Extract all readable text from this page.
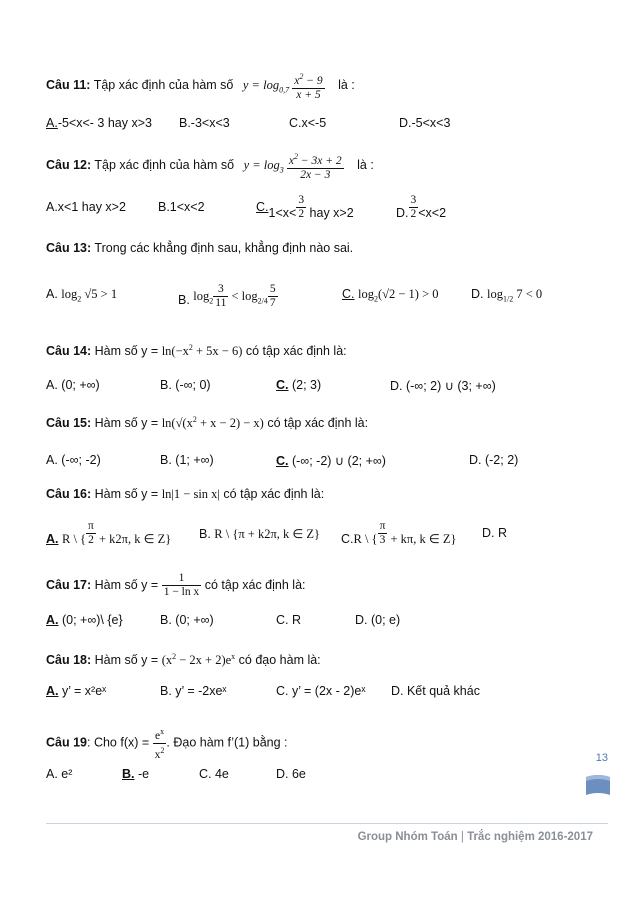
Câu 11: Tập xác định của hàm số $y = \log_{0,7} \frac{x^2 - 9}{x + 5}$ là :
A.-5<x<- 3 hay x>3 B.-3<x<3	C.x<-5	D.-5<x<3
Câu 12: Tập xác định của hàm số $y = \log_3 \frac{x^2 - 3x + 2}{2x - 3}$ là :
A.x<1 hay x>2	B.1<x<2	$C.1<x< \frac{3}{2}$ hay x>2	D. $\frac{3}{2} <x<2$
Câu 13: Trong các khẳng định sau, khẳng định nào sai.
A. $\log_2 √5 > 1$	B. $\log_2 \frac{3}{11} < \log_{2/4} \frac{5}{7}$	C. $\log_2(√2 - 1) > 0$	D. $\log_{1/2} 7 < 0$
Câu 14: Hàm số $y = \ln(-x^2 + 5x - 6)$ có tập xác định là:
A. (0; +∞)	B. (-∞; 0)	C. (2; 3)	D. (-∞; 2) ∪ (3; +∞)
Câu 15: Hàm số $y = \ln(√(x^2 + x - 2) - x)$ có tập xác định là:
A. (-∞; -2)	B. (1; +∞)	C. (-∞; -2) ∪ (2; +∞)	D. (-2; 2)
Câu 16: Hàm số y = ln|1 − sin x| có tập xác định là:
A. R \ { $\frac{\pi}{2} + k2\pi$, k ∈ Z} B. R \ {π + k2π, k ∈ Z} C.R \ { $\frac{\pi}{3} + k\pi$, k ∈ Z} D. R
Câu 17: Hàm số $y = \frac{1}{\text{1 − ln x}}$ có tập xác định là:
A. (0; +∞)\ {e}	B. (0; +∞)	C. R	D. (0; e)
Câu 18: Hàm số $y = (x^2 - 2x + 2)e^x$ có đạo hàm là:
A. y’ = x²eˣ	B. y’ = -2xeˣ	C. y’ = (2x - 2)eˣ D. Kết quả khác
Câu 19: Cho $f(x) = \frac{e^x}{x^2}$ . Đạo hàm f’(1) bằng :
A. e²	B. -e	C. 4e	D. 6e
13
Group Nhóm Toán | Trắc nghiệm 2016-2017
